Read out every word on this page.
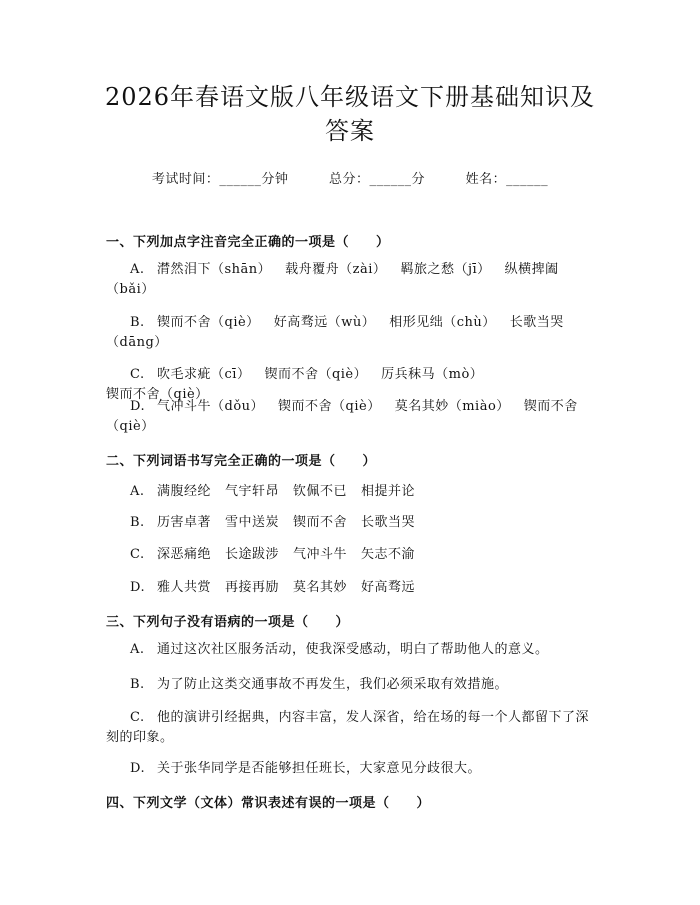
2026年春语文版八年级语文下册基础知识及
答案
考试时间：______分钟	总分：______分	姓名：______
一、下列加点字注音完全正确的一项是（　　）
A. 潸然泪下（shān） 载舟覆舟（zài） 羁旅之愁（jī） 纵横捭阖
（bǎi）
B. 锲而不舍（qiè） 好高骛远（wù） 相形见绌（chù） 长歌当哭
（dāng）
C. 吹毛求疵（cī） 锲而不舍（qiè） 厉兵秣马（mò）锲而不舍（qiè）
D. 气冲斗牛（dǒu） 锲而不舍（qiè） 莫名其妙（miào） 锲而不舍
（qiè）
二、下列词语书写完全正确的一项是（　　）
A. 满腹经纶 气宇轩昂 钦佩不已 相提并论
B. 历害卓著 雪中送炭 锲而不舍 长歌当哭
C. 深恶痛绝 长途跋涉 气冲斗牛 矢志不渝
D. 雅人共赏 再接再励 莫名其妙 好高骛远
三、下列句子没有语病的一项是（　　）
A. 通过这次社区服务活动，使我深受感动，明白了帮助他人的意义。
B. 为了防止这类交通事故不再发生，我们必须采取有效措施。
C. 他的演讲引经据典，内容丰富，发人深省，给在场的每一个人都留下了深
刻的印象。
D. 关于张华同学是否能够担任班长，大家意见分歧很大。
四、下列文学（文体）常识表述有误的一项是（　　）
